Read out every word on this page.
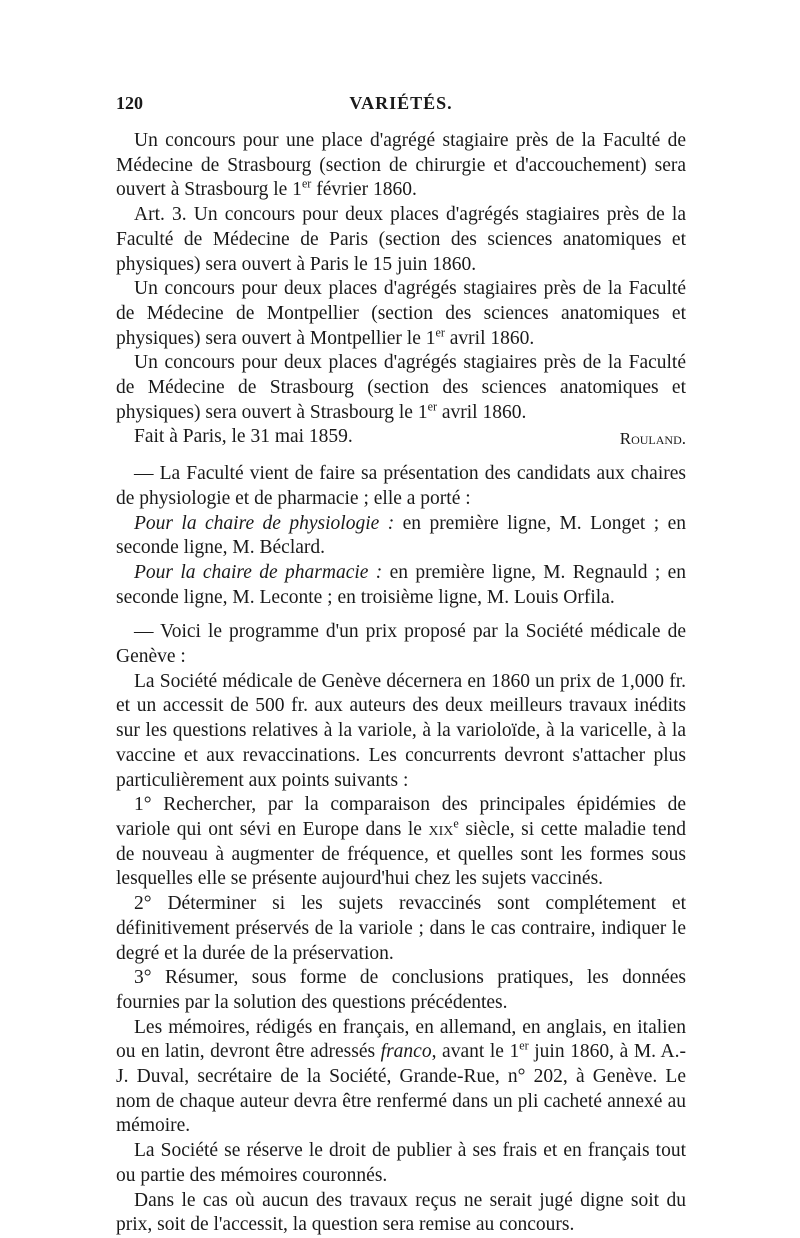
120	VARIÉTÉS.

Un concours pour une place d'agrégé stagiaire près de la Faculté de Médecine de Strasbourg (section de chirurgie et d'accouchement) sera ouvert à Strasbourg le 1er février 1860.

Art. 3. Un concours pour deux places d'agrégés stagiaires près de la Faculté de Médecine de Paris (section des sciences anatomiques et physiques) sera ouvert à Paris le 15 juin 1860.

Un concours pour deux places d'agrégés stagiaires près de la Faculté de Médecine de Montpellier (section des sciences anatomiques et physiques) sera ouvert à Montpellier le 1er avril 1860.

Un concours pour deux places d'agrégés stagiaires près de la Faculté de Médecine de Strasbourg (section des sciences anatomiques et physiques) sera ouvert à Strasbourg le 1er avril 1860.

Fait à Paris, le 31 mai 1859.	Rouland.

— La Faculté vient de faire sa présentation des candidats aux chaires de physiologie et de pharmacie ; elle a porté :

Pour la chaire de physiologie : en première ligne, M. Longet ; en seconde ligne, M. Béclard.

Pour la chaire de pharmacie : en première ligne, M. Regnauld ; en seconde ligne, M. Leconte ; en troisième ligne, M. Louis Orfila.

— Voici le programme d'un prix proposé par la Société médicale de Genève :

La Société médicale de Genève décernera en 1860 un prix de 1,000 fr. et un accessit de 500 fr. aux auteurs des deux meilleurs travaux inédits sur les questions relatives à la variole, à la varioloïde, à la varicelle, à la vaccine et aux revaccinations. Les concurrents devront s'attacher plus particulièrement aux points suivants :

1° Rechercher, par la comparaison des principales épidémies de variole qui ont sévi en Europe dans le xix$^e$ siècle, si cette maladie tend de nouveau à augmenter de fréquence, et quelles sont les formes sous lesquelles elle se présente aujourd'hui chez les sujets vaccinés.

2° Déterminer si les sujets revaccinés sont complétement et définitivement préservés de la variole ; dans le cas contraire, indiquer le degré et la durée de la préservation.

3° Résumer, sous forme de conclusions pratiques, les données fournies par la solution des questions précédentes.

Les mémoires, rédigés en français, en allemand, en anglais, en italien ou en latin, devront être adressés franco, avant le 1er juin 1860, à M. A.-J. Duval, secrétaire de la Société, Grande-Rue, n° 202, à Genève. Le nom de chaque auteur devra être renfermé dans un pli cacheté annexé au mémoire.

La Société se réserve le droit de publier à ses frais et en français tout ou partie des mémoires couronnés.

Dans le cas où aucun des travaux reçus ne serait jugé digne soit du prix, soit de l'accessit, la question sera remise au concours.
